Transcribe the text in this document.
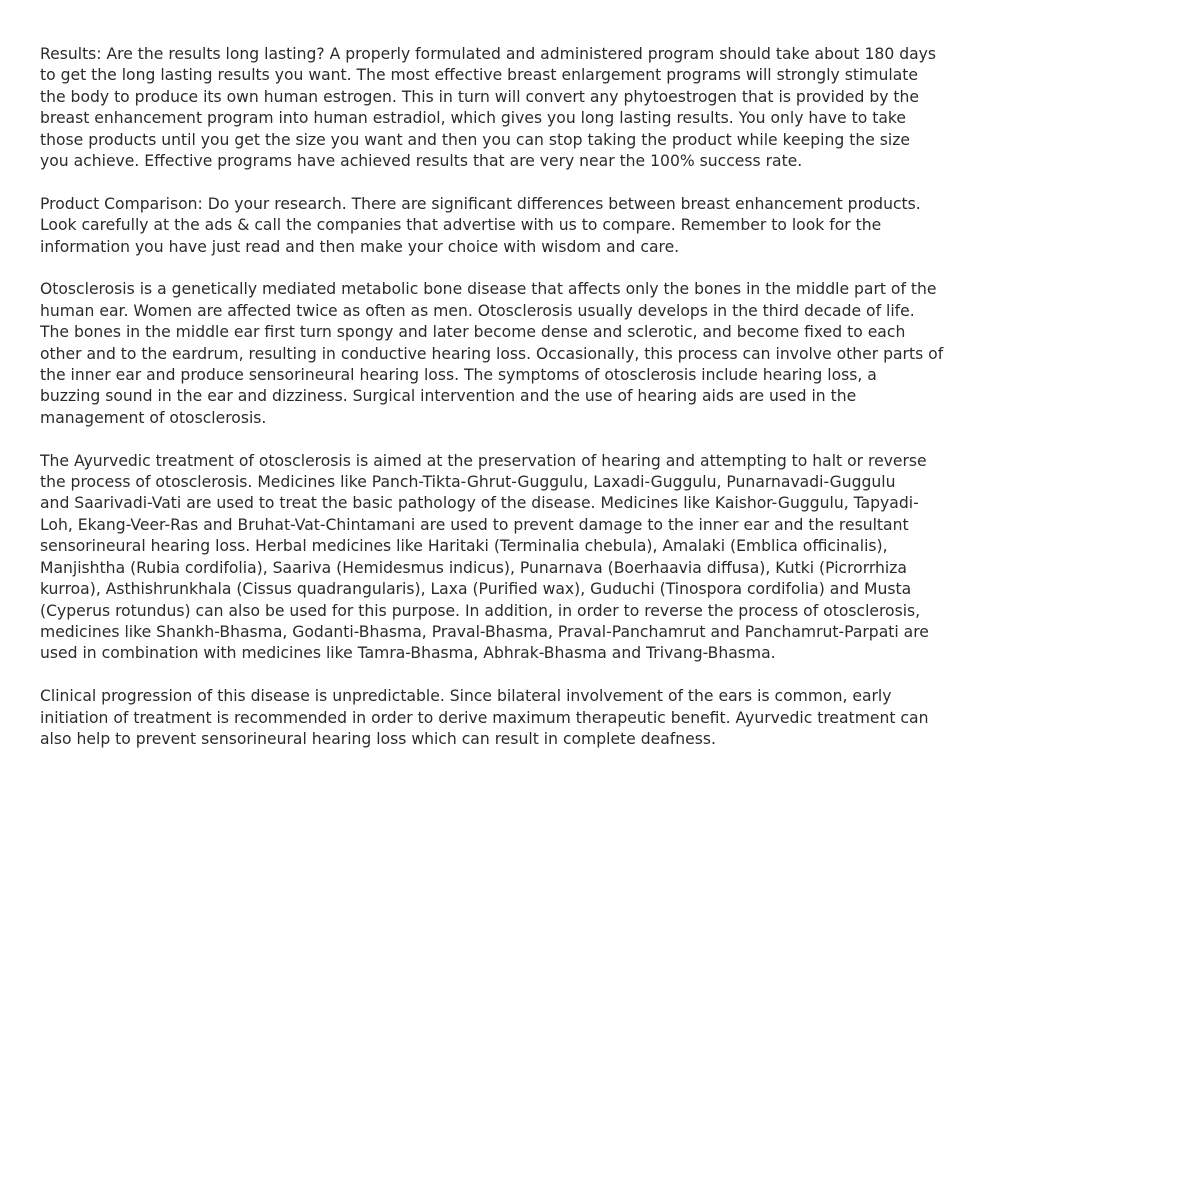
Results: Are the results long lasting? A properly formulated and administered program should take about 180 days
to get the long lasting results you want. The most effective breast enlargement programs will strongly stimulate
the body to produce its own human estrogen. This in turn will convert any phytoestrogen that is provided by the
breast enhancement program into human estradiol, which gives you long lasting results. You only have to take
those products until you get the size you want and then you can stop taking the product while keeping the size
you achieve. Effective programs have achieved results that are very near the 100% success rate.

Product Comparison: Do your research. There are significant differences between breast enhancement products.
Look carefully at the ads & call the companies that advertise with us to compare. Remember to look for the
information you have just read and then make your choice with wisdom and care.

Otosclerosis is a genetically mediated metabolic bone disease that affects only the bones in the middle part of the
human ear. Women are affected twice as often as men. Otosclerosis usually develops in the third decade of life.
The bones in the middle ear first turn spongy and later become dense and sclerotic, and become fixed to each
other and to the eardrum, resulting in conductive hearing loss. Occasionally, this process can involve other parts of
the inner ear and produce sensorineural hearing loss. The symptoms of otosclerosis include hearing loss, a
buzzing sound in the ear and dizziness. Surgical intervention and the use of hearing aids are used in the
management of otosclerosis.

The Ayurvedic treatment of otosclerosis is aimed at the preservation of hearing and attempting to halt or reverse
the process of otosclerosis. Medicines like Panch-Tikta-Ghrut-Guggulu, Laxadi-Guggulu, Punarnavadi-Guggulu
and Saarivadi-Vati are used to treat the basic pathology of the disease. Medicines like Kaishor-Guggulu, Tapyadi-
Loh, Ekang-Veer-Ras and Bruhat-Vat-Chintamani are used to prevent damage to the inner ear and the resultant
sensorineural hearing loss. Herbal medicines like Haritaki (Terminalia chebula), Amalaki (Emblica officinalis),
Manjishtha (Rubia cordifolia), Saariva (Hemidesmus indicus), Punarnava (Boerhaavia diffusa), Kutki (Picrorrhiza
kurroa), Asthishrunkhala (Cissus quadrangularis), Laxa (Purified wax), Guduchi (Tinospora cordifolia) and Musta
(Cyperus rotundus) can also be used for this purpose. In addition, in order to reverse the process of otosclerosis,
medicines like Shankh-Bhasma, Godanti-Bhasma, Praval-Bhasma, Praval-Panchamrut and Panchamrut-Parpati are
used in combination with medicines like Tamra-Bhasma, Abhrak-Bhasma and Trivang-Bhasma.

Clinical progression of this disease is unpredictable. Since bilateral involvement of the ears is common, early
initiation of treatment is recommended in order to derive maximum therapeutic benefit. Ayurvedic treatment can
also help to prevent sensorineural hearing loss which can result in complete deafness.
